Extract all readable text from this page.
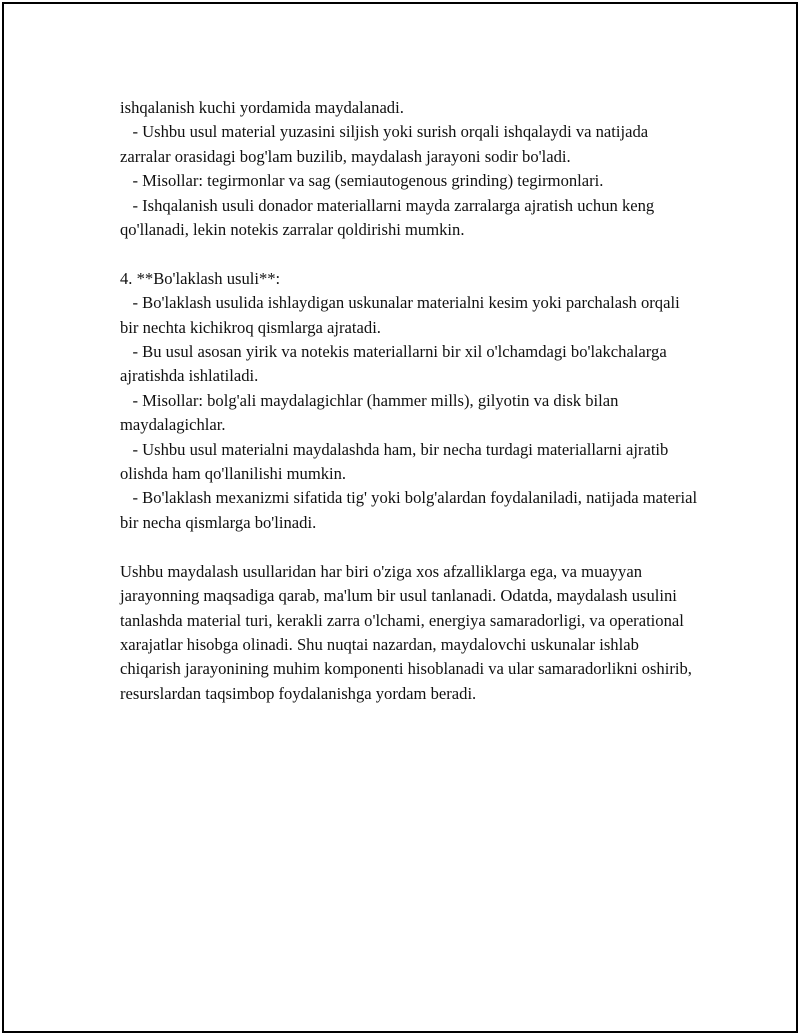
ishqalanish kuchi yordamida maydalanadi.

- Ushbu usul material yuzasini siljish yoki surish orqali ishqalaydi va natijada zarralar orasidagi bog'lam buzilib, maydalash jarayoni sodir bo'ladi.

- Misollar: tegirmonlar va sag (semiautogenous grinding) tegirmonlari.

- Ishqalanish usuli donador materiallarni mayda zarralarga ajratish uchun keng qo'llanadi, lekin notekis zarralar qoldirishi mumkin.

4. **Bo'laklash usuli**:

- Bo'laklash usulida ishlaydigan uskunalar materialni kesim yoki parchalash orqali bir nechta kichikroq qismlarga ajratadi.

- Bu usul asosan yirik va notekis materiallarni bir xil o'lchamdagi bo'lakchalarga ajratishda ishlatiladi.

- Misollar: bolg'ali maydalagichlar (hammer mills), gilyotin va disk bilan maydalagichlar.

- Ushbu usul materialni maydalashda ham, bir necha turdagi materiallarni ajratib olishda ham qo'llanilishi mumkin.

- Bo'laklash mexanizmi sifatida tig' yoki bolg'alardan foydalaniladi, natijada material bir necha qismlarga bo'linadi.

Ushbu maydalash usullaridan har biri o'ziga xos afzalliklarga ega, va muayyan jarayonning maqsadiga qarab, ma'lum bir usul tanlanadi. Odatda, maydalash usulini tanlashda material turi, kerakli zarra o'lchami, energiya samaradorligi, va operational xarajatlar hisobga olinadi. Shu nuqtai nazardan, maydalovchi uskunalar ishlab chiqarish jarayonining muhim komponenti hisoblanadi va ular samaradorlikni oshirib, resurslardan taqsimbop foydalanishga yordam beradi.
